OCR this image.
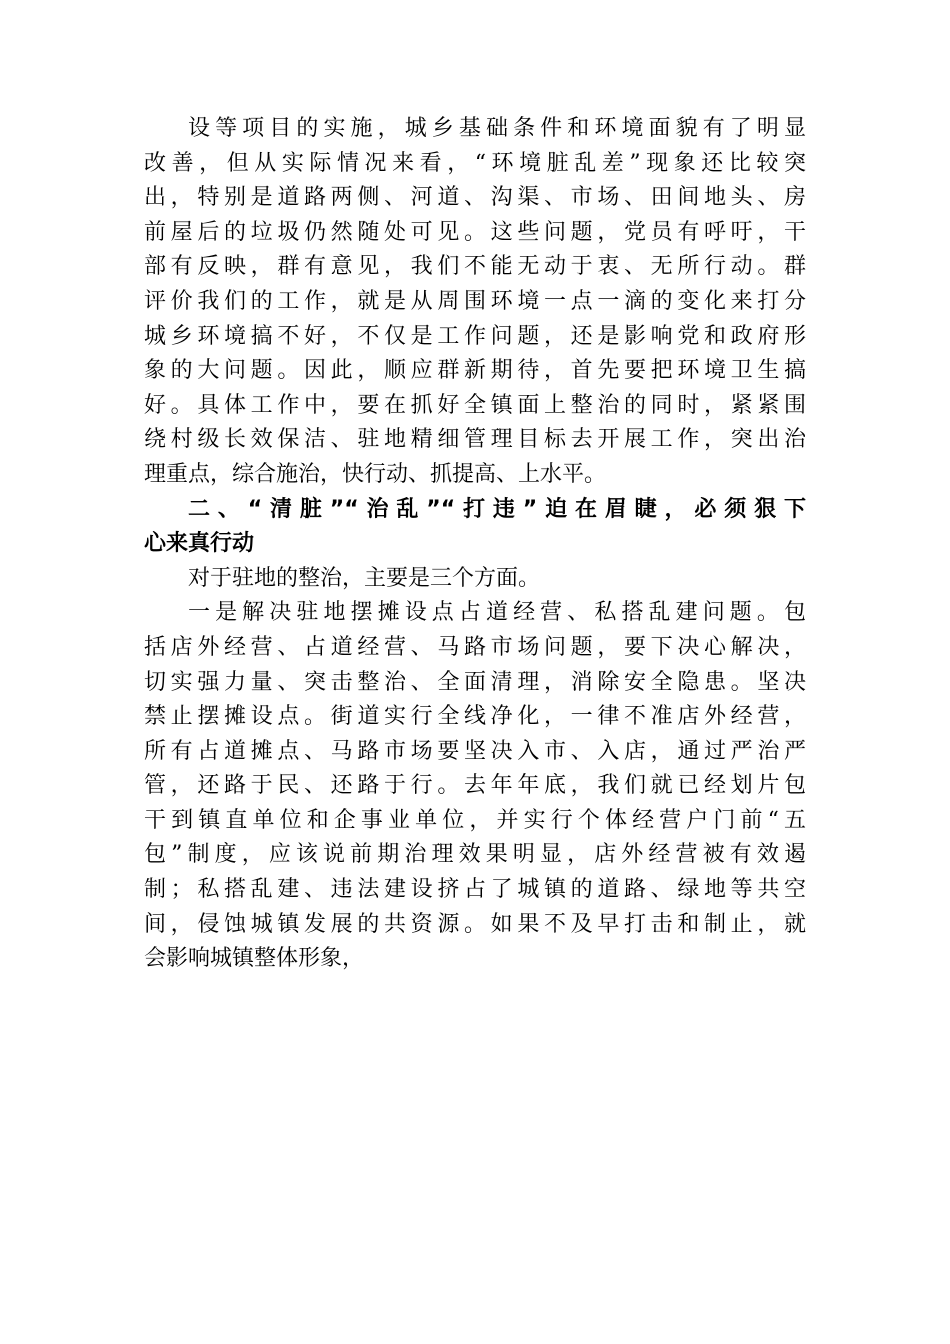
设等项目的实施，城乡基础条件和环境面貌有了明显
改善，但从实际情况来看，“环境脏乱差”现象还比较突
出，特别是道路两侧、河道、沟渠、市场、田间地头、房
前屋后的垃圾仍然随处可见。这些问题，党员有呼吁，干
部有反映，群有意见，我们不能无动于衷、无所行动。群
评价我们的工作，就是从周围环境一点一滴的变化来打分
城乡环境搞不好，不仅是工作问题，还是影响党和政府形
象的大问题。因此，顺应群新期待，首先要把环境卫生搞
好。具体工作中，要在抓好全镇面上整治的同时，紧紧围
绕村级长效保洁、驻地精细管理目标去开展工作，突出治
理重点，综合施治，快行动、抓提高、上水平。
二、“清脏”“治乱”“打违”迫在眉睫，必须狠下
心来真行动
对于驻地的整治，主要是三个方面。
一是解决驻地摆摊设点占道经营、私搭乱建问题。包
括店外经营、占道经营、马路市场问题，要下决心解决，
切实强力量、突击整治、全面清理，消除安全隐患。坚决
禁止摆摊设点。街道实行全线净化，一律不准店外经营，
所有占道摊点、马路市场要坚决入市、入店，通过严治严
管，还路于民、还路于行。去年年底，我们就已经划片包
干到镇直单位和企事业单位，并实行个体经营户门前“五
包”制度，应该说前期治理效果明显，店外经营被有效遏
制；私搭乱建、违法建设挤占了城镇的道路、绿地等共空
间，侵蚀城镇发展的共资源。如果不及早打击和制止，就
会影响城镇整体形象，
